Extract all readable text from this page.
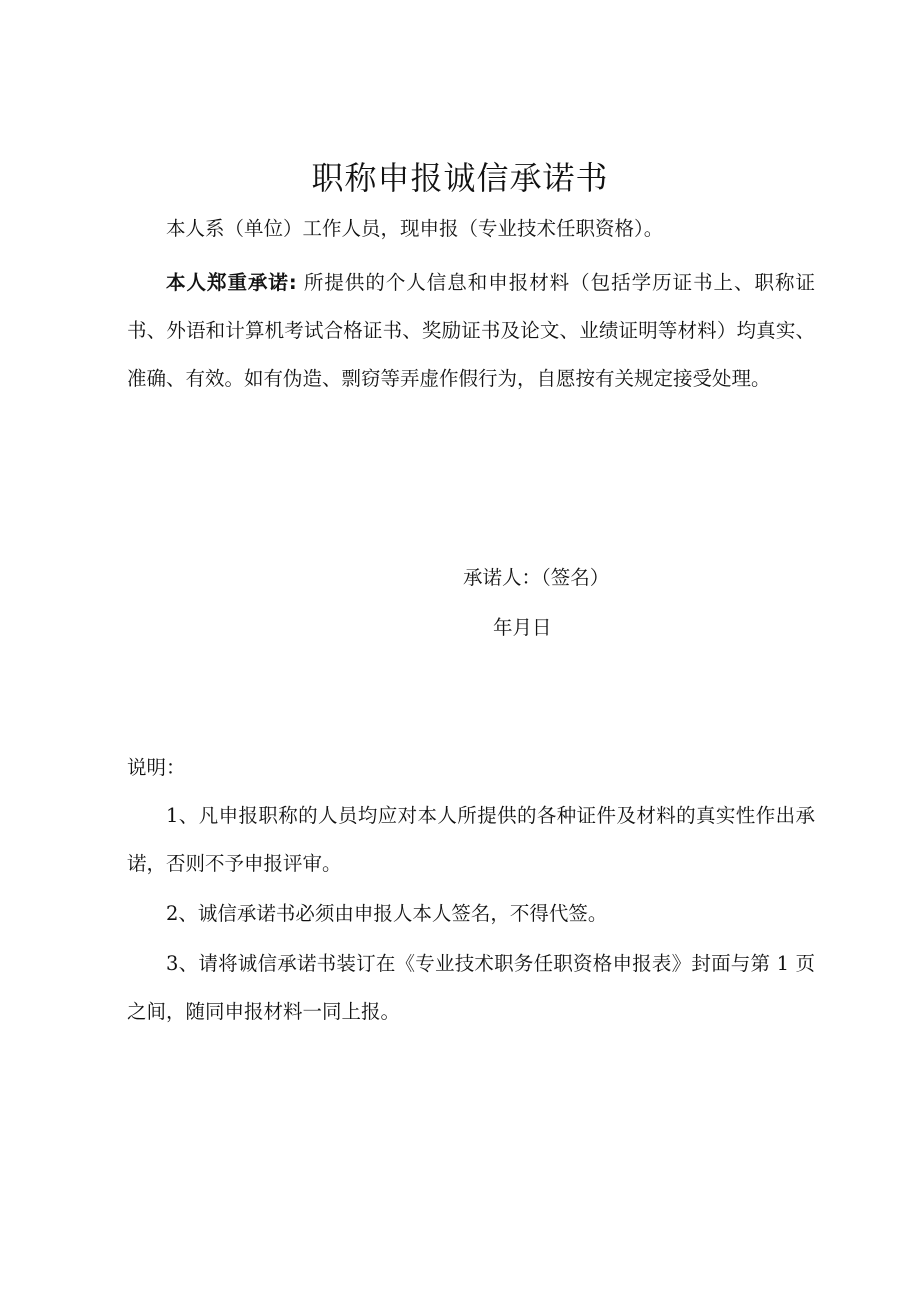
职称申报诚信承诺书

本人系（单位）工作人员，现申报（专业技术任职资格）。

本人郑重承诺: 所提供的个人信息和申报材料（包括学历证书上、职称证书、外语和计算机考试合格证书、奖励证书及论文、业绩证明等材料）均真实、准确、有效。如有伪造、剽窃等弄虚作假行为，自愿按有关规定接受处理。

承诺人：（签名）

年月日

说明：

1、凡申报职称的人员均应对本人所提供的各种证件及材料的真实性作出承诺，否则不予申报评审。

2、诚信承诺书必须由申报人本人签名，不得代签。

3、请将诚信承诺书装订在《专业技术职务任职资格申报表》封面与第 1 页之间，随同申报材料一同上报。
